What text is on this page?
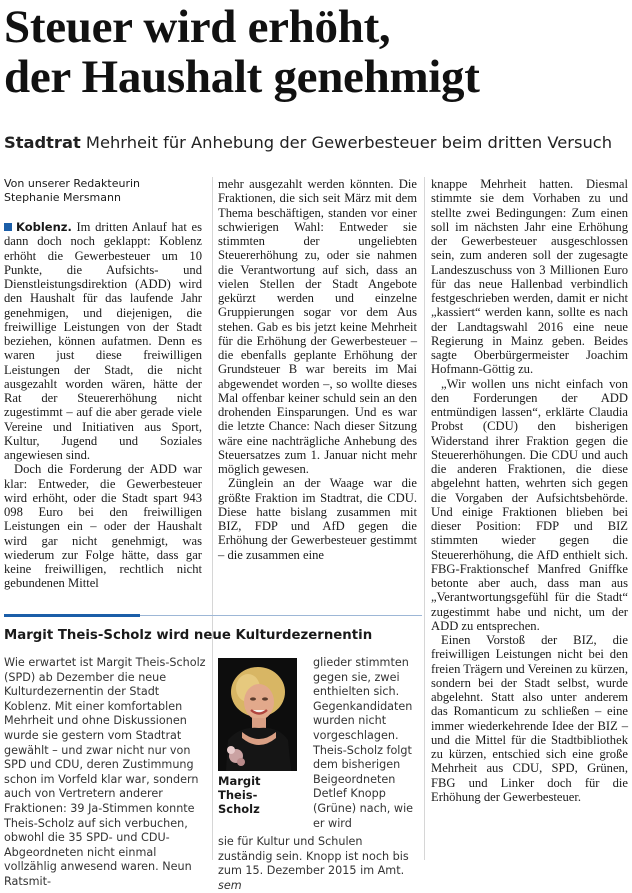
Steuer wird erhöht,
der Haushalt genehmigt
Stadtrat Mehrheit für Anhebung der Gewerbesteuer beim dritten Versuch
Von unserer Redakteurin
Stephanie Mersmann

Koblenz. Im dritten Anlauf hat es dann doch noch geklappt: Koblenz erhöht die Gewerbesteuer um 10 Punkte, die Aufsichts- und Dienstleistungsdirektion (ADD) wird den Haushalt für das laufende Jahr genehmigen, und diejenigen, die freiwillige Leistungen von der Stadt beziehen, können aufatmen. Denn es waren just diese freiwilligen Leistungen der Stadt, die nicht ausgezahlt worden wären, hätte der Rat der Steuererhöhung nicht zugestimmt – auf die aber gerade viele Vereine und Initiativen aus Sport, Kultur, Jugend und Soziales angewiesen sind.

Doch die Forderung der ADD war klar: Entweder, die Gewerbesteuer wird erhöht, oder die Stadt spart 943 098 Euro bei den freiwilligen Leistungen ein – oder der Haushalt wird gar nicht genehmigt, was wiederum zur Folge hätte, dass gar keine freiwilligen, rechtlich nicht gebundenen Mittel

mehr ausgezahlt werden könnten. Die Fraktionen, die sich seit März mit dem Thema beschäftigen, standen vor einer schwierigen Wahl: Entweder sie stimmten der ungeliebten Steuererhöhung zu, oder sie nahmen die Verantwortung auf sich, dass an vielen Stellen der Stadt Angebote gekürzt werden und einzelne Gruppierungen sogar vor dem Aus stehen. Gab es bis jetzt keine Mehrheit für die Erhöhung der Gewerbesteuer – die ebenfalls geplante Erhöhung der Grundsteuer B war bereits im Mai abgewendet worden –, so wollte dieses Mal offenbar keiner schuld sein an den drohenden Einsparungen. Und es war die letzte Chance: Nach dieser Sitzung wäre eine nachträgliche Anhebung des Steuersatzes zum 1. Januar nicht mehr möglich gewesen.

Zünglein an der Waage war die größte Fraktion im Stadtrat, die CDU. Diese hatte bislang zusammen mit BIZ, FDP und AfD gegen die Erhöhung der Gewerbesteuer gestimmt – die zusammen eine

knappe Mehrheit hatten. Diesmal stimmte sie dem Vorhaben zu und stellte zwei Bedingungen: Zum einen soll im nächsten Jahr eine Erhöhung der Gewerbesteuer ausgeschlossen sein, zum anderen soll der zugesagte Landeszuschuss von 3 Millionen Euro für das neue Hallenbad verbindlich festgeschrieben werden, damit er nicht „kassiert“ werden kann, sollte es nach der Landtagswahl 2016 eine neue Regierung in Mainz geben. Beides sagte Oberbürgermeister Joachim Hofmann-Göttig zu.

„Wir wollen uns nicht einfach von den Forderungen der ADD entmündigen lassen“, erklärte Claudia Probst (CDU) den bisherigen Widerstand ihrer Fraktion gegen die Steuererhöhungen. Die CDU und auch die anderen Fraktionen, die diese abgelehnt hatten, wehrten sich gegen die Vorgaben der Aufsichtsbehörde. Und einige Fraktionen blieben bei dieser Position: FDP und BIZ stimmten wieder gegen die Steuererhöhung, die AfD enthielt sich. FBG-Fraktionschef Manfred Gniffke betonte aber auch, dass man aus „Verantwortungsgefühl für die Stadt“ zugestimmt habe und nicht, um der ADD zu entsprechen.

Einen Vorstoß der BIZ, die freiwilligen Leistungen nicht bei den freien Trägern und Vereinen zu kürzen, sondern bei der Stadt selbst, wurde abgelehnt. Statt also unter anderem das Romanticum zu schließen – eine immer wiederkehrende Idee der BIZ – und die Mittel für die Stadtbibliothek zu kürzen, entschied sich eine große Mehrheit aus CDU, SPD, Grünen, FBG und Linker doch für die Erhöhung der Gewerbesteuer.

Margit Theis-Scholz wird neue Kulturdezernentin
Wie erwartet ist Margit Theis-Scholz (SPD) ab Dezember die neue Kulturdezernentin der Stadt Koblenz. Mit einer komfortablen Mehrheit und ohne Diskussionen wurde sie gestern vom Stadtrat gewählt – und zwar nicht nur von SPD und CDU, deren Zustimmung schon im Vorfeld klar war, sondern auch von Vertretern anderer Fraktionen: 39 Ja-Stimmen konnte Theis-Scholz auf sich verbuchen, obwohl die 35 SPD- und CDU-Abgeordneten nicht einmal vollzählig anwesend waren. Neun Ratsmit-
Margit Theis-Scholz
glieder stimmten gegen sie, zwei enthielten sich. Gegenkandidaten wurden nicht vorgeschlagen. Theis-Scholz folgt dem bisherigen Beigeordneten Detlef Knopp (Grüne) nach, wie er wird
sie für Kultur und Schulen zuständig sein. Knopp ist noch bis zum 15. Dezember 2015 im Amt. sem
